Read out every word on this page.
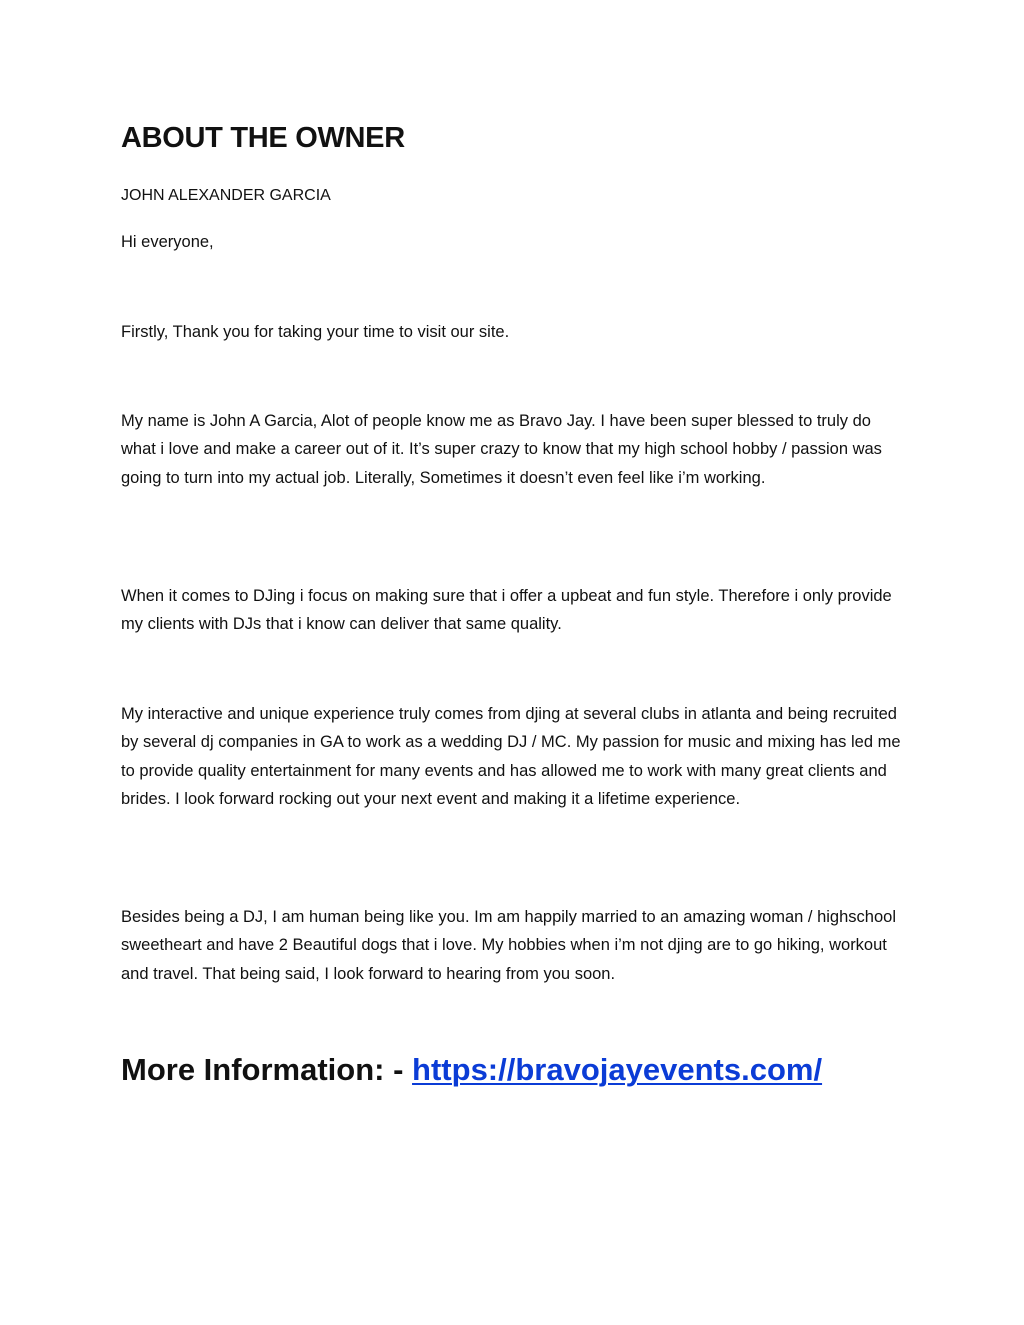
ABOUT THE OWNER

JOHN ALEXANDER GARCIA

Hi everyone,

Firstly, Thank you for taking your time to visit our site.

My name is John A Garcia, Alot of people know me as Bravo Jay. I have been super blessed to truly do what i love and make a career out of it. It’s super crazy to know that my high school hobby / passion was going to turn into my actual job. Literally, Sometimes it doesn’t even feel like i’m working.

When it comes to DJing i focus on making sure that i offer a upbeat and fun style. Therefore i only provide my clients with DJs that i know can deliver that same quality.

My interactive and unique experience truly comes from djing at several clubs in atlanta and being recruited by several dj companies in GA to work as a wedding DJ / MC. My passion for music and mixing has led me to provide quality entertainment for many events and has allowed me to work with many great clients and brides. I look forward rocking out your next event and making it a lifetime experience.

Besides being a DJ, I am human being like you. Im am happily married to an amazing woman / highschool sweetheart and have 2 Beautiful dogs that i love. My hobbies when i’m not djing are to go hiking, workout and travel. That being said, I look forward to hearing from you soon.

More Information: - https://bravojayevents.com/
